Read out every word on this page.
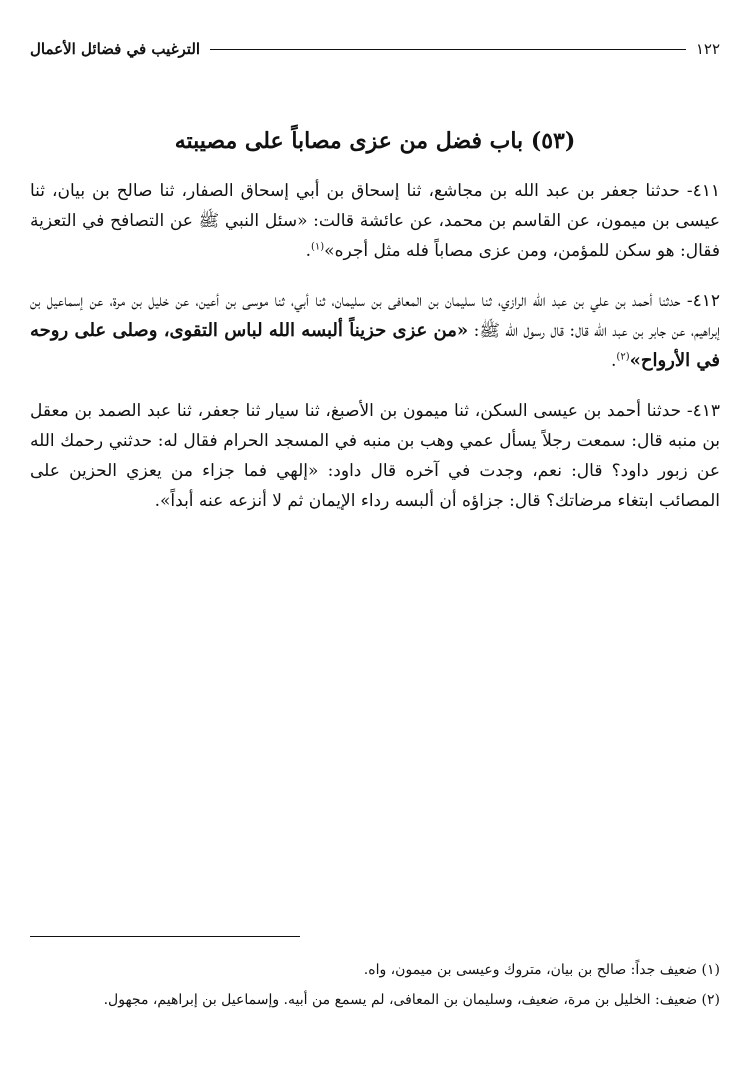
١٢٢
الترغيب في فضائل الأعمال
(٥٣) باب فضل من عزى مصاباً على مصيبته

٤١١- حدثنا جعفر بن عبد الله بن مجاشع، ثنا إسحاق بن أبي إسحاق الصفار، ثنا صالح بن بيان، ثنا عيسى بن ميمون، عن القاسم بن محمد، عن عائشة قالت: «سئل النبي ﷺ عن التصافح في التعزية فقال: هو سكن للمؤمن، ومن عزى مصاباً فله مثل أجره»$^{(١)}$.

٤١٢- حدثنا أحمد بن علي بن عبد الله الرازي، ثنا سليمان بن المعافى بن سليمان، ثنا أبي، ثنا موسى بن أعين، عن خليل بن مرة، عن إسماعيل بن إبراهيم، عن جابر بن عبد الله قال: قال رسول الله ﷺ: «من عزى حزيناً ألبسه الله لباس التقوى، وصلى على روحه في الأرواح»$^{(٢)}$.

٤١٣- حدثنا أحمد بن عيسى السكن، ثنا ميمون بن الأصبغ، ثنا سيار ثنا جعفر، ثنا عبد الصمد بن معقل بن منبه قال: سمعت رجلاً يسأل عمي وهب بن منبه في المسجد الحرام فقال له: حدثني رحمك الله عن زبور داود؟ قال: نعم، وجدت في آخره قال داود: «إلهي فما جزاء من يعزي الحزين على المصائب ابتغاء مرضاتك؟ قال: جزاؤه أن ألبسه رداء الإيمان ثم لا أنزعه عنه أبداً».

(١) ضعيف جداً: صالح بن بيان، متروك وعيسى بن ميمون، واه.

(٢) ضعيف: الخليل بن مرة، ضعيف، وسليمان بن المعافى، لم يسمع من أبيه. وإسماعيل بن إبراهيم، مجهول.
